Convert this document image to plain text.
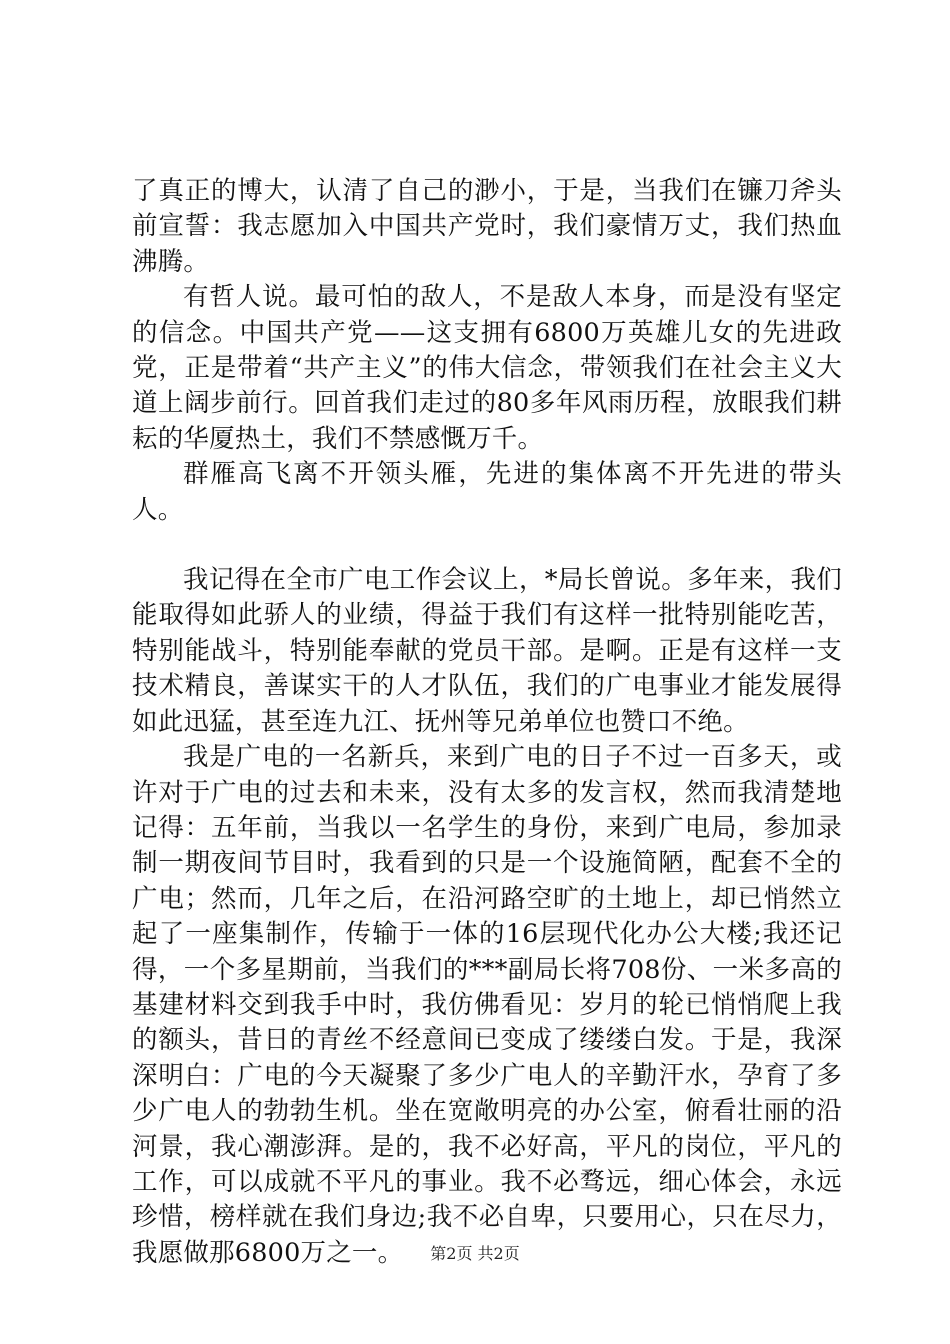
了真正的博大，认清了自己的渺小，于是，当我们在镰刀斧头前宣誓：我志愿加入中国共产党时，我们豪情万丈，我们热血沸腾。

有哲人说。最可怕的敌人，不是敌人本身，而是没有坚定的信念。中国共产党——这支拥有6800万英雄儿女的先进政党，正是带着“共产主义”的伟大信念，带领我们在社会主义大道上阔步前行。回首我们走过的80多年风雨历程，放眼我们耕耘的华厦热土，我们不禁感慨万千。

群雁高飞离不开领头雁，先进的集体离不开先进的带头人。

我记得在全市广电工作会议上，*局长曾说。多年来，我们能取得如此骄人的业绩，得益于我们有这样一批特别能吃苦，特别能战斗，特别能奉献的党员干部。是啊。正是有这样一支技术精良，善谋实干的人才队伍，我们的广电事业才能发展得如此迅猛，甚至连九江、抚州等兄弟单位也赞口不绝。

我是广电的一名新兵，来到广电的日子不过一百多天，或许对于广电的过去和未来，没有太多的发言权，然而我清楚地记得：五年前，当我以一名学生的身份，来到广电局，参加录制一期夜间节目时，我看到的只是一个设施简陋，配套不全的广电；然而，几年之后，在沿河路空旷的土地上，却已悄然立起了一座集制作，传输于一体的16层现代化办公大楼;我还记得，一个多星期前，当我们的***副局长将708份、一米多高的基建材料交到我手中时，我仿佛看见：岁月的轮已悄悄爬上我的额头，昔日的青丝不经意间已变成了缕缕白发。于是，我深深明白：广电的今天凝聚了多少广电人的辛勤汗水，孕育了多少广电人的勃勃生机。坐在宽敞明亮的办公室，俯看壮丽的沿河景，我心潮澎湃。是的，我不必好高，平凡的岗位，平凡的工作，可以成就不平凡的事业。我不必骛远，细心体会，永远珍惜，榜样就在我们身边;我不必自卑，只要用心，只在尽力，我愿做那6800万之一。	第2页 共2页
